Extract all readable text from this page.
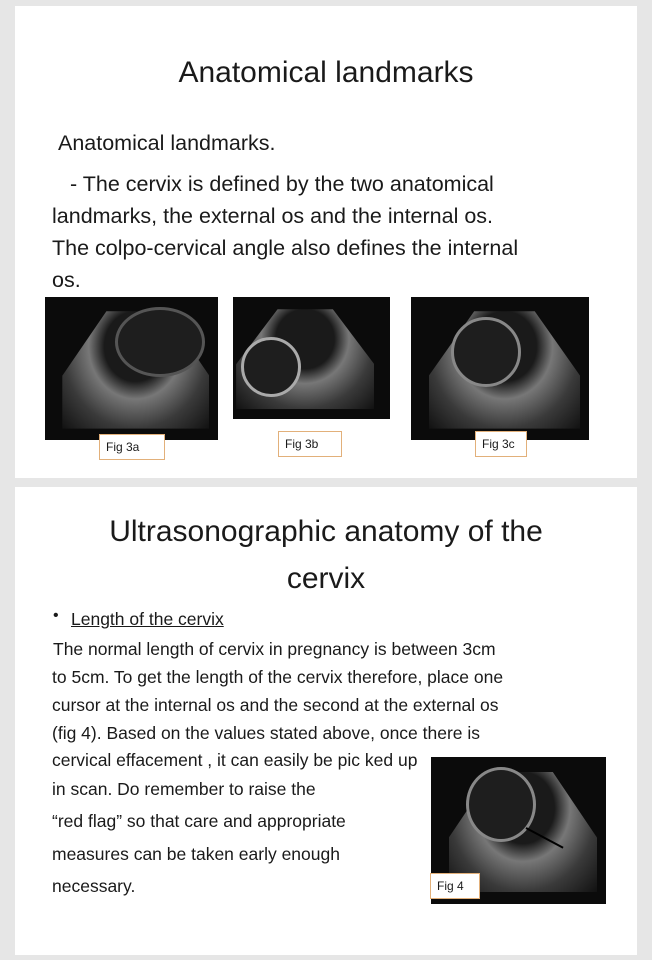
Anatomical landmarks
Anatomical landmarks.
- The cervix is defined by the two anatomical
landmarks, the external os and the internal os.
The colpo-cervical angle also defines the internal
os.
Fig 3a	Fig 3b	Fig 3c
Ultrasonographic anatomy of the
cervix
• Length of the cervix
The normal length of cervix in pregnancy is between 3cm
to 5cm. To get the length of the cervix therefore, place one
cursor at the internal os and the second at the external os
(fig 4). Based on the values stated above, once there is
cervical effacement , it can easily be pic ked up
in scan. Do remember to raise the
“red flag” so that care and appropriate
measures can be taken early enough
necessary.	Fig 4
